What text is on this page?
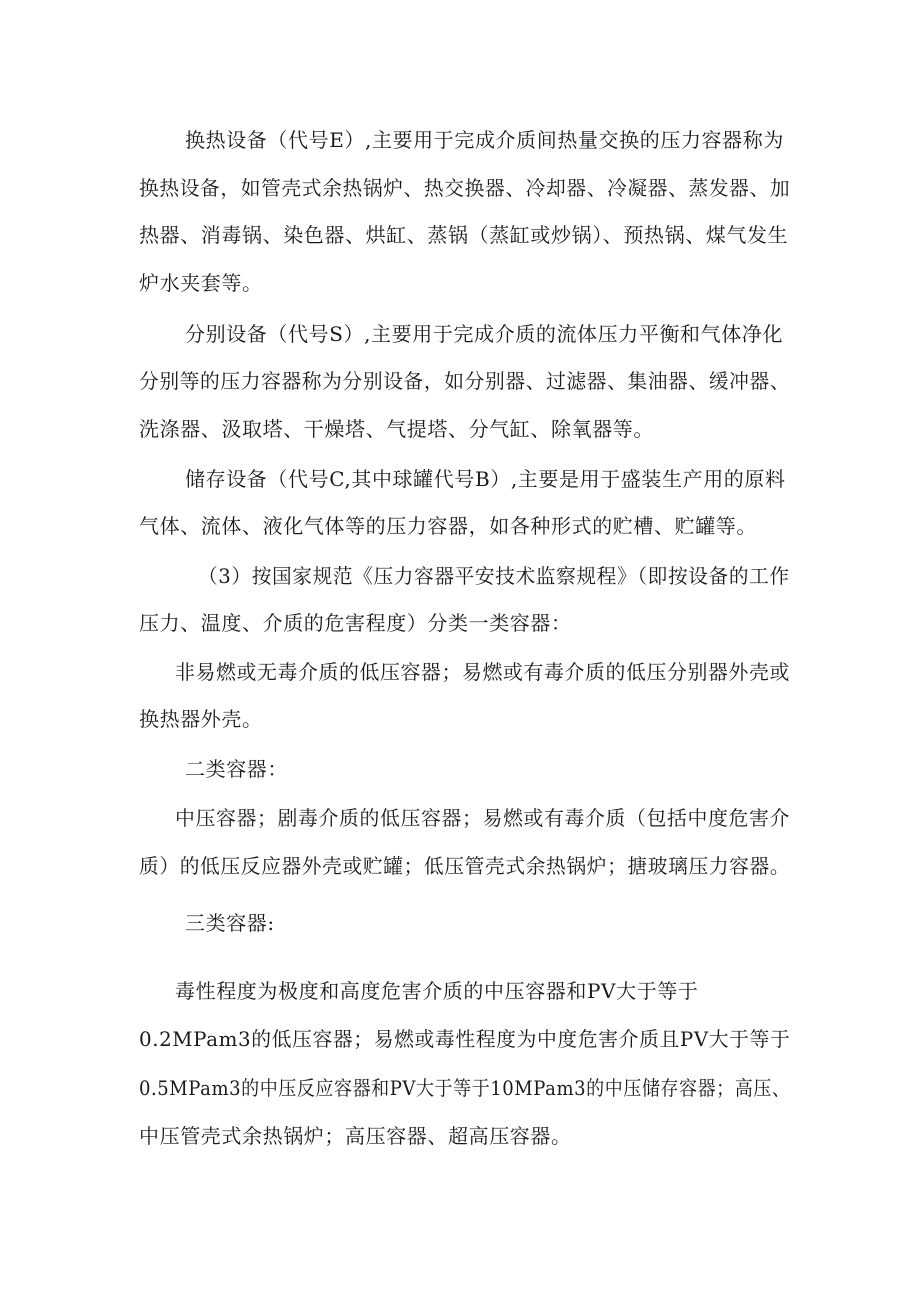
换热设备（代号E）,主要用于完成介质间热量交换的压力容器称为
换热设备，如管壳式余热锅炉、热交换器、冷却器、冷凝器、蒸发器、加
热器、消毒锅、染色器、烘缸、蒸锅（蒸缸或炒锅）、预热锅、煤气发生
炉水夹套等。
分别设备（代号S）,主要用于完成介质的流体压力平衡和气体净化
分别等的压力容器称为分别设备，如分别器、过滤器、集油器、缓冲器、
洗涤器、汲取塔、干燥塔、气提塔、分气缸、除氧器等。
储存设备（代号C,其中球罐代号B）,主要是用于盛装生产用的原料
气体、流体、液化气体等的压力容器，如各种形式的贮槽、贮罐等。
（3）按国家规范《压力容器平安技术监察规程》（即按设备的工作
压力、温度、介质的危害程度）分类一类容器：
非易燃或无毒介质的低压容器；易燃或有毒介质的低压分别器外壳或
换热器外壳。
二类容器：
中压容器；剧毒介质的低压容器；易燃或有毒介质（包括中度危害介
质）的低压反应器外壳或贮罐；低压管壳式余热锅炉；搪玻璃压力容器。
三类容器:
毒性程度为极度和高度危害介质的中压容器和PV大于等于
0.2MPam3的低压容器；易燃或毒性程度为中度危害介质且PV大于等于
0.5MPam3的中压反应容器和PV大于等于10MPam3的中压储存容器；高压、
中压管壳式余热锅炉；高压容器、超高压容器。
